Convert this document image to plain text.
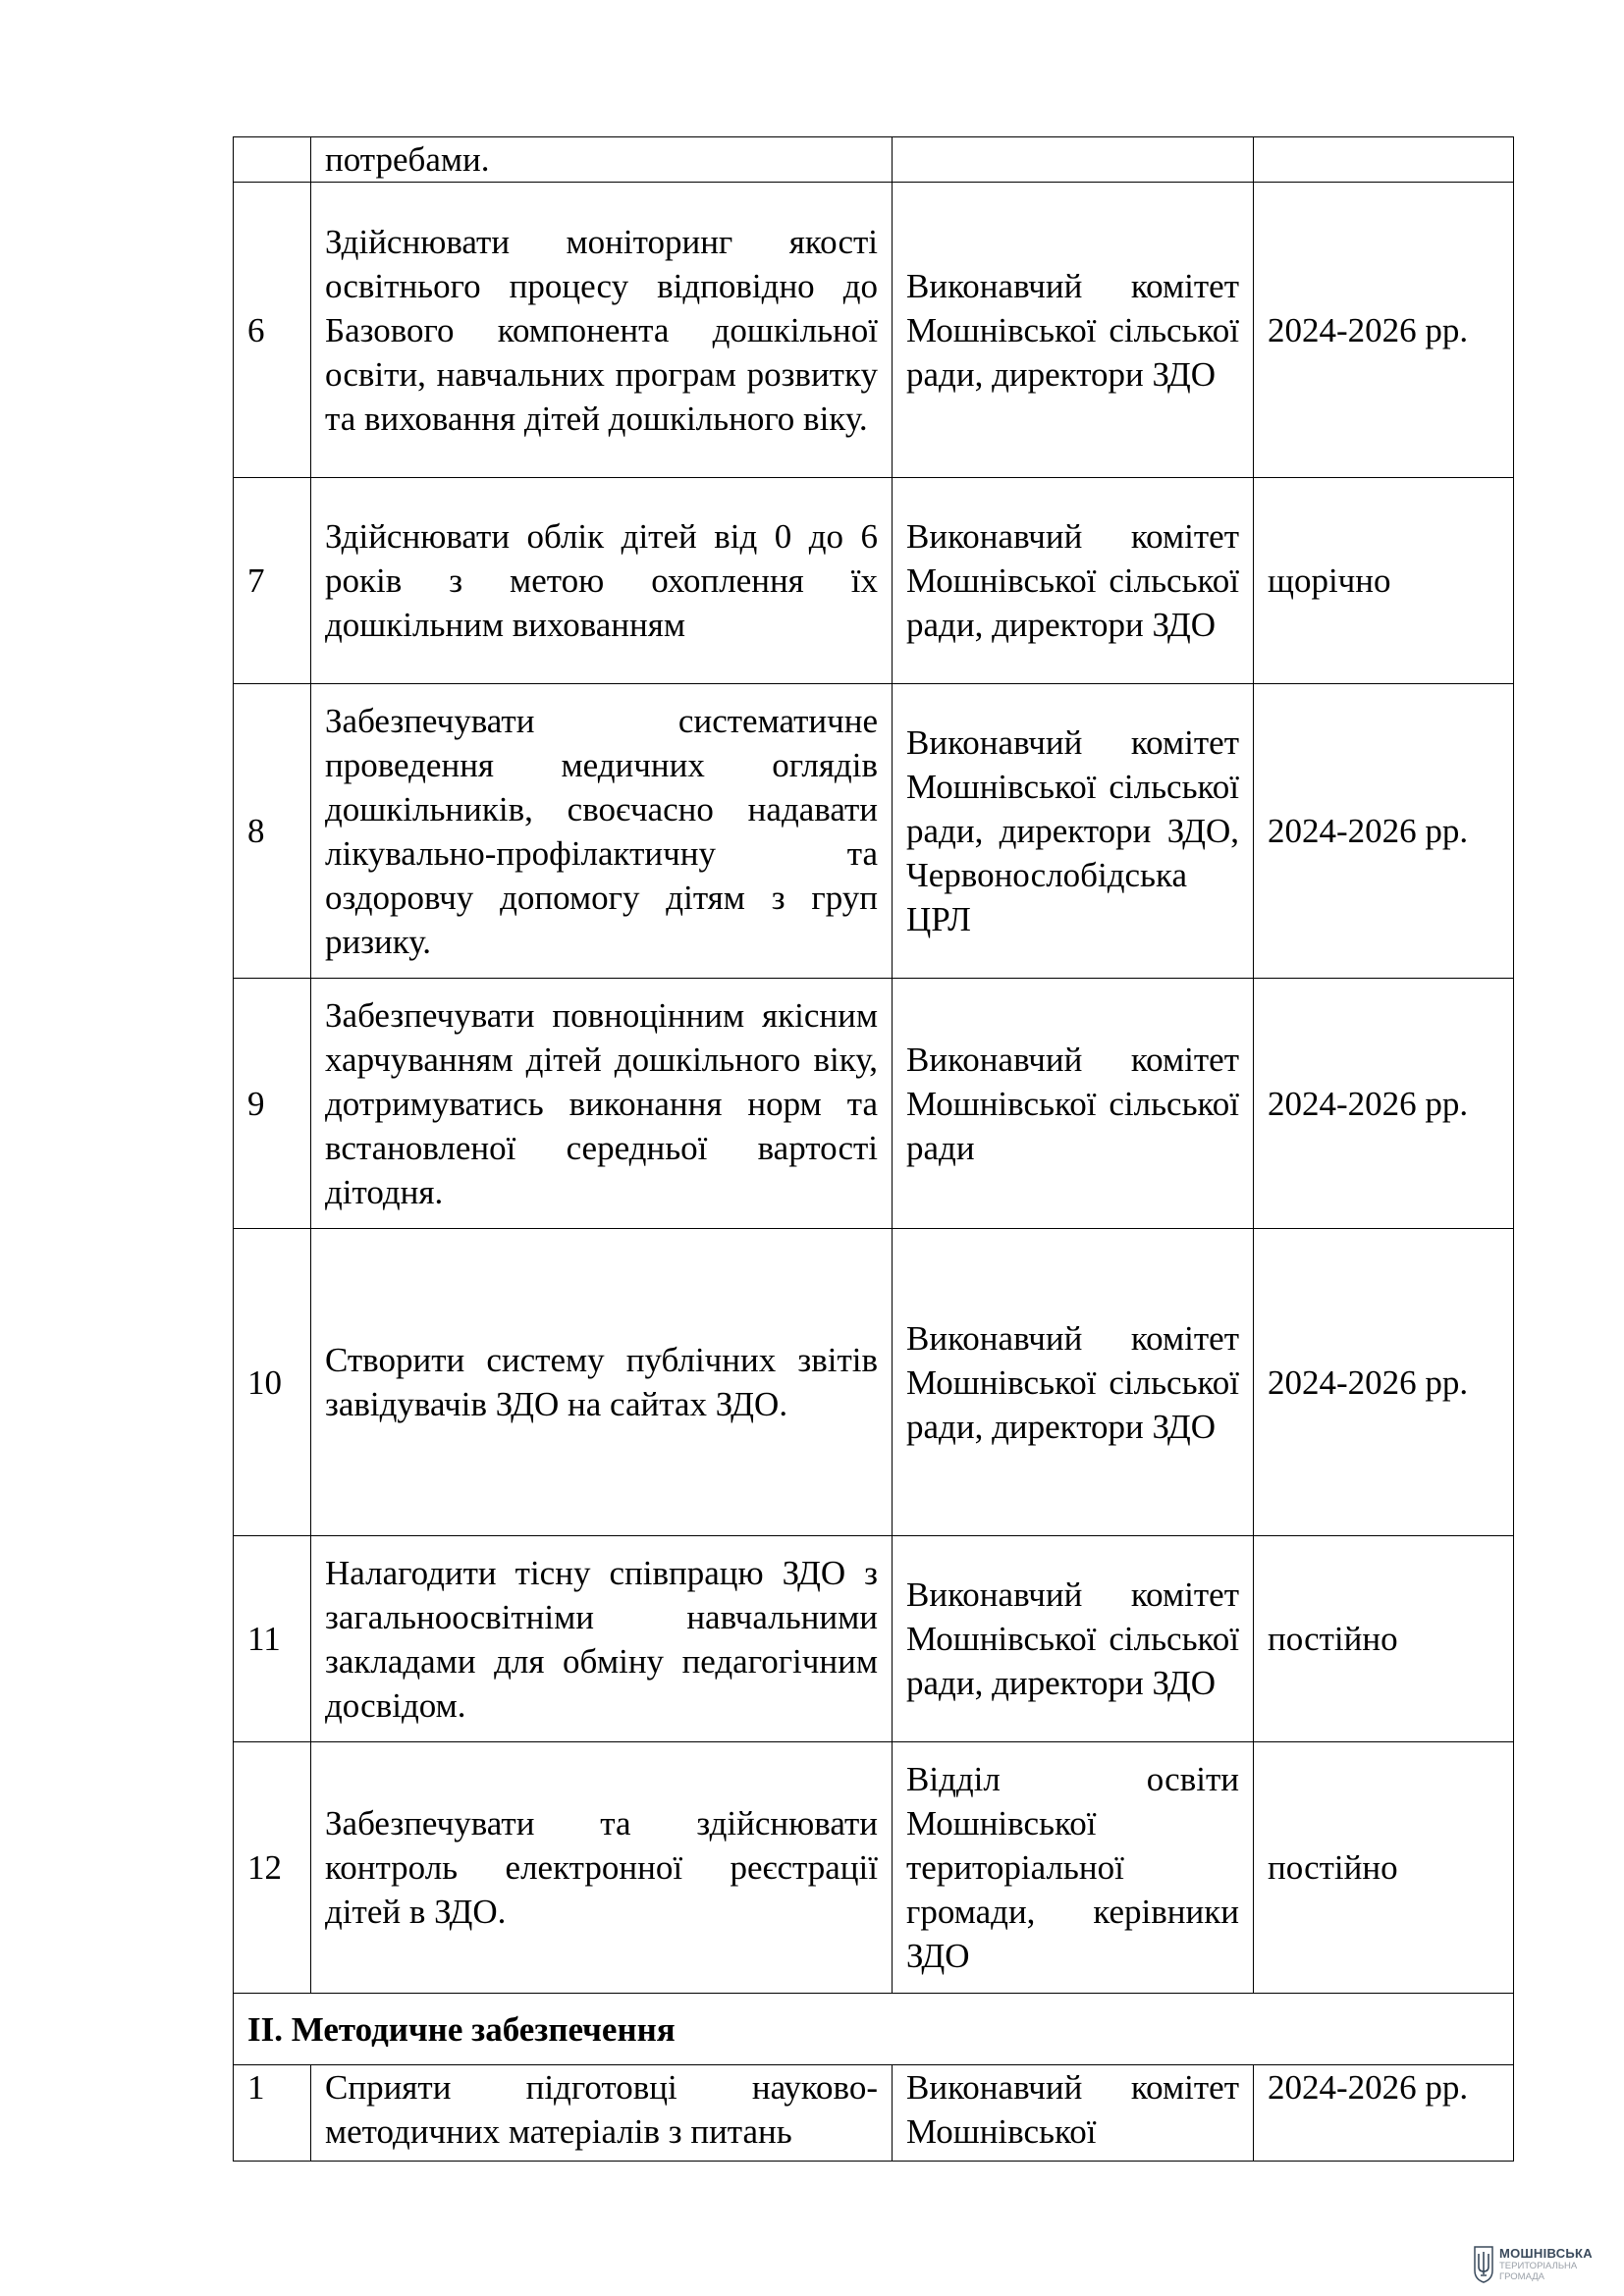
	потребами.		
6	Здійснювати моніторинг якості освітнього процесу відповідно до Базового компонента дошкільної освіти, навчальних програм розвитку та виховання дітей дошкільного віку.	Виконавчий комітет Мошнівської сільської ради, директори ЗДО	2024-2026 рр.
7	Здійснювати облік дітей від 0 до 6 років з метою охоплення їх дошкільним вихованням	Виконавчий комітет Мошнівської сільської ради, директори ЗДО	щорічно
8	Забезпечувати систематичне проведення медичних оглядів дошкільників, своєчасно надавати лікувально-профілактичну та оздоровчу допомогу дітям з груп ризику.	Виконавчий комітет Мошнівської сільської ради, директори ЗДО, Червонослобідська ЦРЛ	2024-2026 рр.
9	Забезпечувати повноцінним якісним харчуванням дітей дошкільного віку, дотримуватись виконання норм та встановленої середньої вартості дітодня.	Виконавчий комітет Мошнівської сільської ради	2024-2026 рр.
10	Створити систему публічних звітів завідувачів ЗДО на сайтах ЗДО.	Виконавчий комітет Мошнівської сільської ради, директори ЗДО	2024-2026 рр.
11	Налагодити тісну співпрацю ЗДО з загальноосвітніми навчальними закладами для обміну педагогічним досвідом.	Виконавчий комітет Мошнівської сільської ради, директори ЗДО	постійно
12	Забезпечувати та здійснювати контроль електронної реєстрації дітей в ЗДО.	Відділ освіти Мошнівської територіальної громади, керівники ЗДО	постійно
II. Методичне забезпечення			
1	Сприяти підготовці науково-методичних матеріалів з питань	Виконавчий комітет Мошнівської	2024-2026 рр.
МОШНІВСЬКА
ТЕРИТОРІАЛЬНА
ГРОМАДА
